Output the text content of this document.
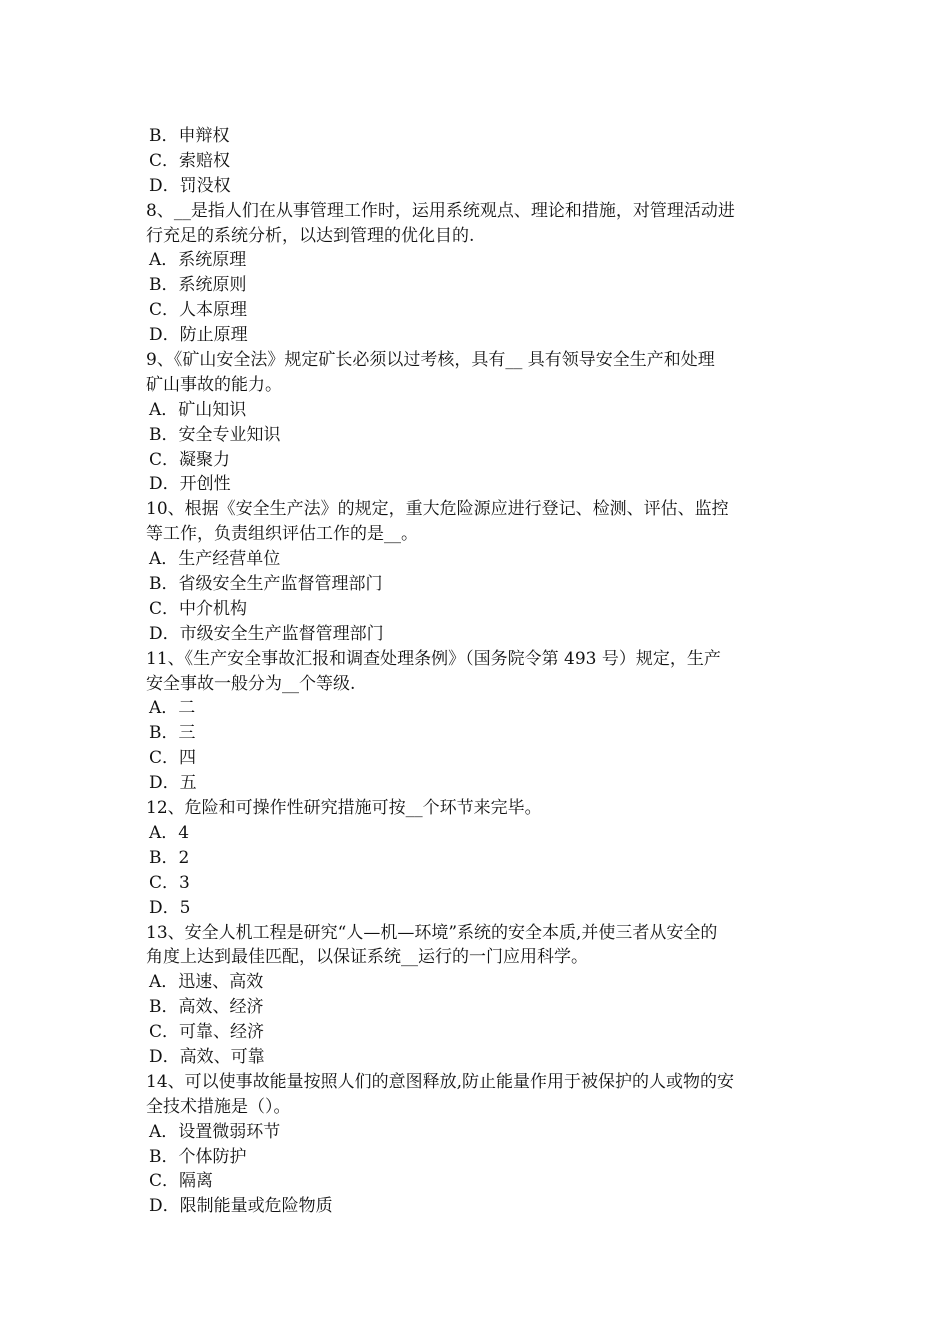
B．申辩权
C．索赔权
D．罚没权
8、__是指人们在从事管理工作时，运用系统观点、理论和措施，对管理活动进
行充足的系统分析，以达到管理的优化目的.
A．系统原理
B．系统原则
C．人本原理
D．防止原理
9、《矿山安全法》规定矿长必须以过考核，具有__ 具有领导安全生产和处理
矿山事故的能力。
A．矿山知识
B．安全专业知识
C．凝聚力
D．开创性
10、根据《安全生产法》的规定，重大危险源应进行登记、检测、评估、监控
等工作，负责组织评估工作的是__。
A．生产经营单位
B．省级安全生产监督管理部门
C．中介机构
D．市级安全生产监督管理部门
11、《生产安全事故汇报和调查处理条例》（国务院令第 493 号）规定，生产
安全事故一般分为__个等级.
A．二
B．三
C．四
D．五
12、危险和可操作性研究措施可按__个环节来完毕。
A．4
B．2
C．3
D．5
13、安全人机工程是研究“人—机—环境”系统的安全本质,并使三者从安全的
角度上达到最佳匹配，以保证系统__运行的一门应用科学。
A．迅速、高效
B．高效、经济
C．可靠、经济
D．高效、可靠
14、可以使事故能量按照人们的意图释放,防止能量作用于被保护的人或物的安
全技术措施是（）。
A．设置微弱环节
B．个体防护
C．隔离
D．限制能量或危险物质
